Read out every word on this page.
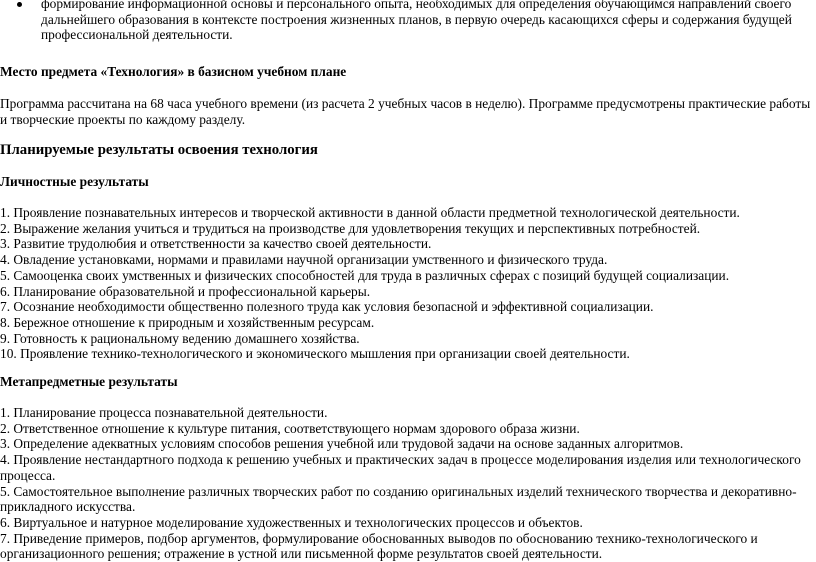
формирование информационной основы и персонального опыта, необходимых для определения обучающимся направлений своего дальнейшего образования в контексте построения жизненных планов, в первую очередь касающихся сферы и содержания будущей профессиональной деятельности.
Место предмета «Технология» в базисном учебном плане
Программа рассчитана на 68 часа учебного времени (из расчета 2 учебных часов в неделю). Программе предусмотрены практические работы и творческие проекты по каждому разделу.
Планируемые результаты освоения технология
Личностные результаты
1. Проявление познавательных интересов и творческой активности в данной области предметной технологической деятельности.
2. Выражение желания учиться и трудиться на производстве для удовлетворения текущих и перспективных потребностей.
3. Развитие трудолюбия и ответственности за качество своей деятельности.
4. Овладение установками, нормами и правилами научной организации умственного и физического труда.
5. Самооценка своих умственных и физических способностей для труда в различных сферах с позиций будущей социализации.
6. Планирование образовательной и профессиональной карьеры.
7. Осознание необходимости общественно полезного труда как условия безопасной и эффективной социализации.
8. Бережное отношение к природным и хозяйственным ресурсам.
9. Готовность к рациональному ведению домашнего хозяйства.
10. Проявление технико-технологического и экономического мышления при организации своей деятельности.
Метапредметные результаты
1. Планирование процесса познавательной деятельности.
2. Ответственное отношение к культуре питания, соответствующего нормам здорового образа жизни.
3. Определение адекватных условиям способов решения учебной или трудовой задачи на основе заданных алгоритмов.
4. Проявление нестандартного подхода к решению учебных и практических задач в процессе моделирования изделия или технологического процесса.
5. Самостоятельное выполнение различных творческих работ по созданию оригинальных изделий технического творчества и декоративно-прикладного искусства.
6. Виртуальное и натурное моделирование художественных и технологических процессов и объектов.
7. Приведение примеров, подбор аргументов, формулирование обоснованных выводов по обоснованию технико-технологического и организационного решения; отражение в устной или письменной форме результатов своей деятельности.
